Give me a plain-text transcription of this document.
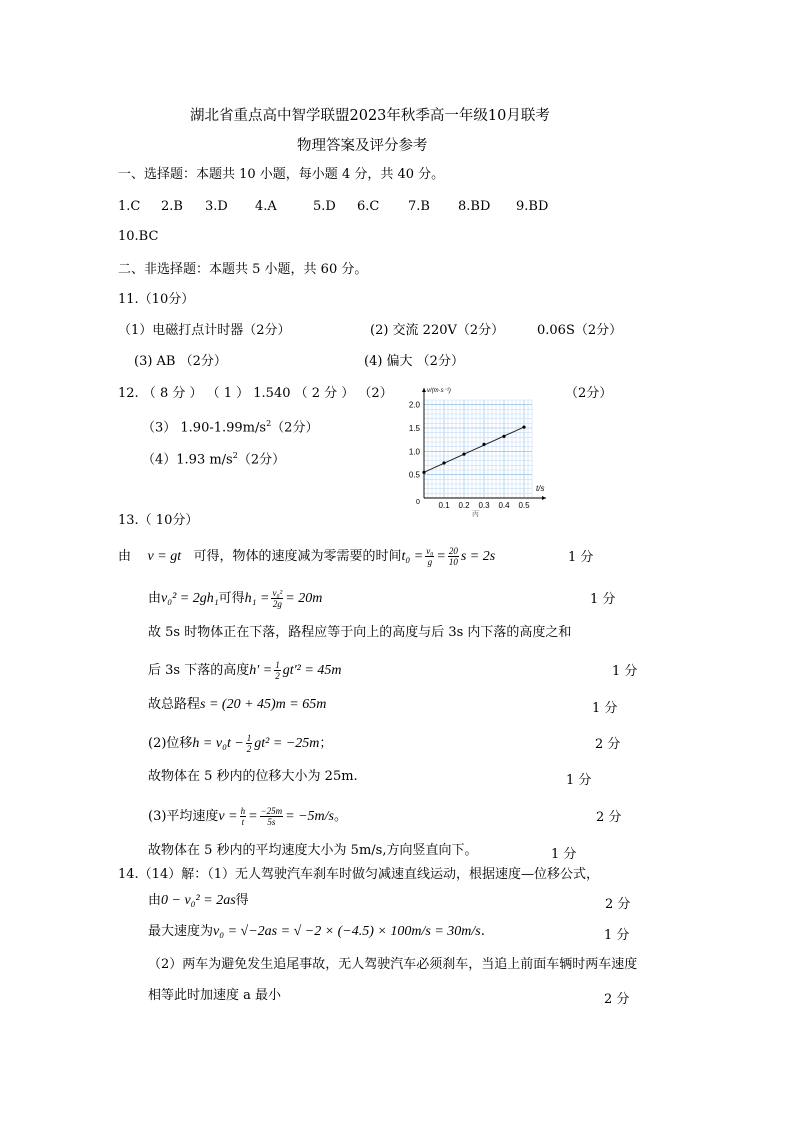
湖北省重点高中智学联盟2023年秋季高一年级10月联考
物理答案及评分参考
一、选择题：本题共 10 小题，每小题 4 分，共 40 分。
1.C 2.B 3.D 4.A	5.D 6.C 7.B 8.BD 9.BD
10.BC
二、非选择题：本题共 5 小题，共 60 分。
11.（10分）
（1）电磁打点计时器（2分）	(2) 交流 220V（2分）	0.06S（2分）
(3) AB （2分）	(4) 偏大 （2分）
12. （ 8 分 ） （ 1 ） 1.540 （ 2 分 ） （2）	（2分）
（3） $1.90-1.99m/s^2(2$分）
（4）1.93 $m/s^2(2$分）
0.1 0.2 0.3 0.4 0.5
0.5
1.0
1.5
2.0
0
v/(m·s⁻¹)
t/s
丙
13.（ 10分）
由 v = gt 可得，物体的速度减为零需要的时间$t_0 = \frac{\text{v₀}}{g} = \frac{20}{10}$ s = 2s	1 分
由v₀² = 2gh₁可得$h_1 = \frac{\text{v₀²}}{2g} = 20m$	1 分
故 5s 时物体正在下落，路程应等于向上的高度与后 3s 内下落的高度之和
后 3s 下落的高度$h' = \frac{1}{2} gt'^2 = 45m$	1 分
故总路程s = (20 + 45)m = 65m	1 分
(2)位移$h = v_0t - \frac{1}{2} gt^2 = -25m$；	2 分
故物体在 5 秒内的位移大小为 25m.	1 分
(3)平均速度$v = \frac{h}{t} = \frac{-25m}{5s} = -5m/s$。	2 分
故物体在 5 秒内的平均速度大小为 5m/s,方向竖直向下。	1 分
14.（14）解：（1）无人驾驶汽车刹车时做匀减速直线运动，根据速度—位移公式，
由0 − v₀² = 2as得	2 分
最大速度为v₀ = √−2as = √ −2 × (−4.5) × 100m/s = 30m/s.	1 分
（2）两车为避免发生追尾事故，无人驾驶汽车必须刹车，当追上前面车辆时两车速度
相等此时加速度 a 最小	2 分
